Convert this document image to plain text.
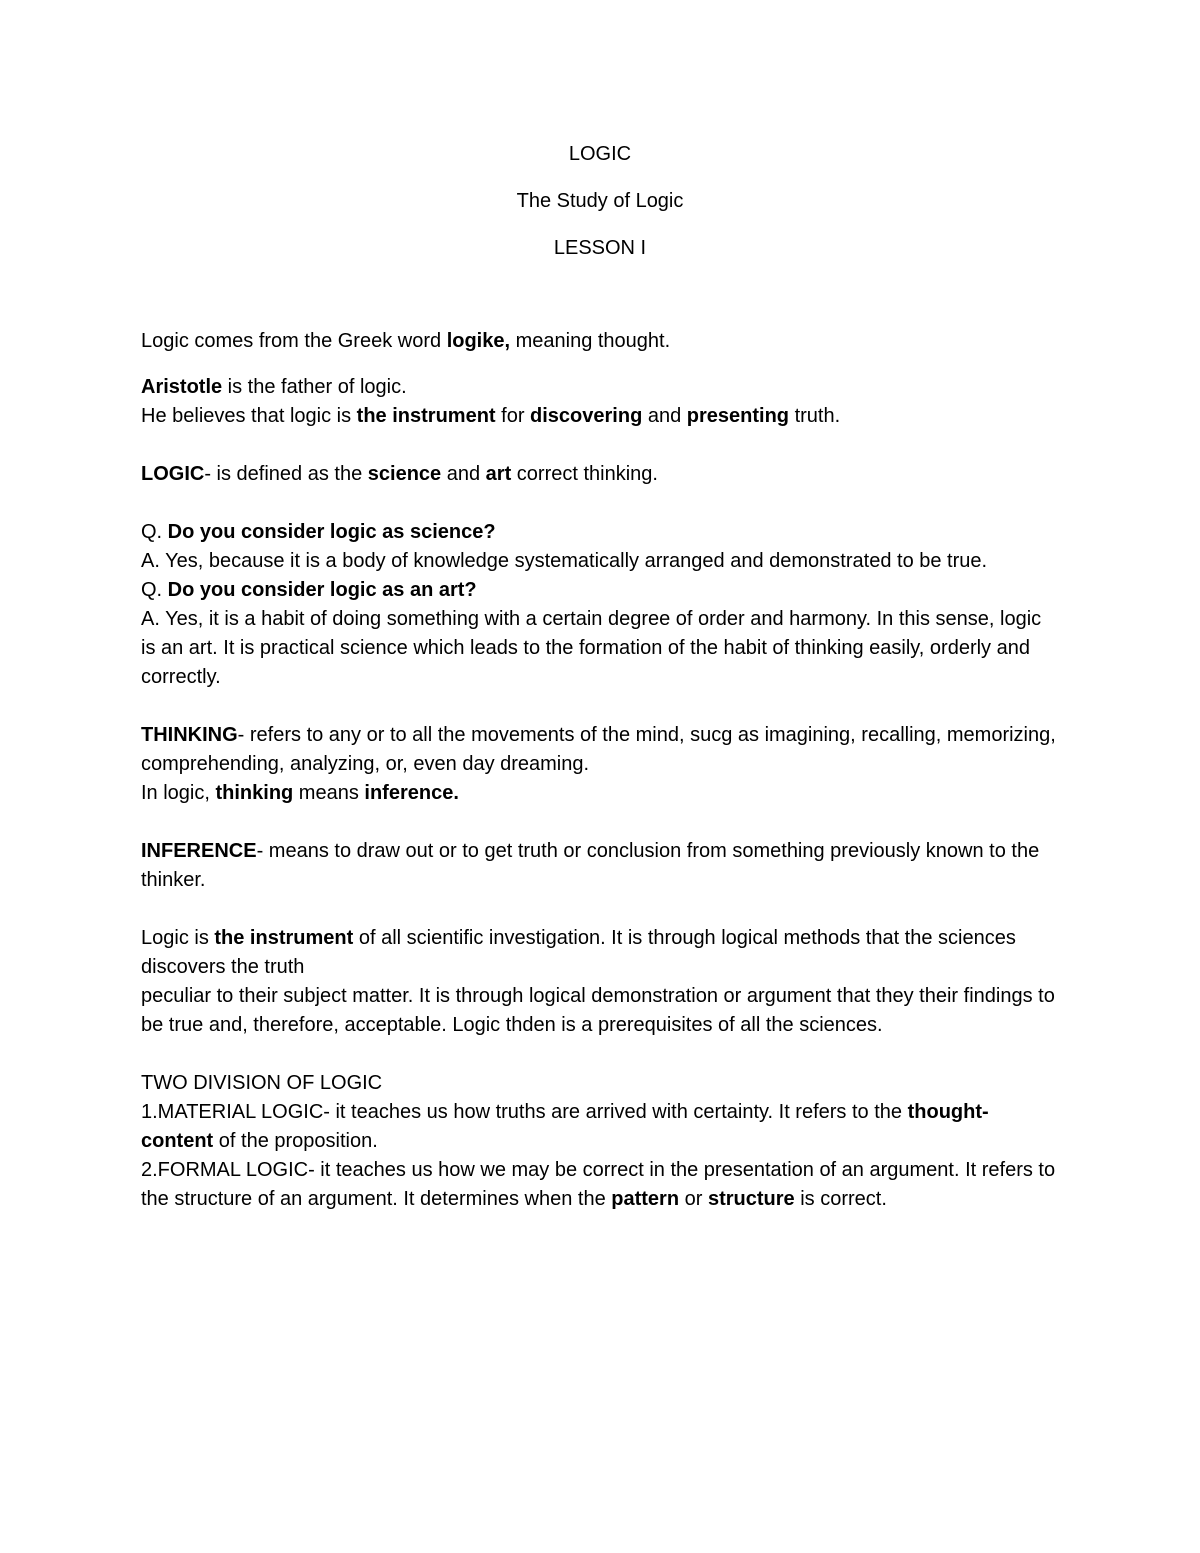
LOGIC

The Study of Logic

LESSON I

Logic comes from the Greek word logike, meaning thought.

Aristotle is the father of logic.
He believes that logic is the instrument for discovering and presenting truth.

LOGIC- is defined as the science and art correct thinking.

Q. Do you consider logic as science?

A. Yes, because it is a body of knowledge systematically arranged and demonstrated to be true.

Q. Do you consider logic as an art?

A. Yes, it is a habit of doing something with a certain degree of order and harmony. In this sense, logic is an art. It is practical science which leads to the formation of the habit of thinking easily, orderly and correctly.

THINKING- refers to any or to all the movements of the mind, sucg as imagining, recalling, memorizing, comprehending, analyzing, or, even day dreaming.
In logic, thinking means inference.

INFERENCE- means to draw out or to get truth or conclusion from something previously known to the thinker.

Logic is the instrument of all scientific investigation. It is through logical methods that the sciences discovers the truth
peculiar to their subject matter. It is through logical demonstration or argument that they their findings to be true and, therefore, acceptable. Logic thden is a prerequisites of all the sciences.

TWO DIVISION OF LOGIC

1.MATERIAL LOGIC- it teaches us how truths are arrived with certainty. It refers to the thought-content of the proposition.

2.FORMAL LOGIC- it teaches us how we may be correct in the presentation of an argument. It refers to the structure of an argument. It determines when the pattern or structure is correct.
